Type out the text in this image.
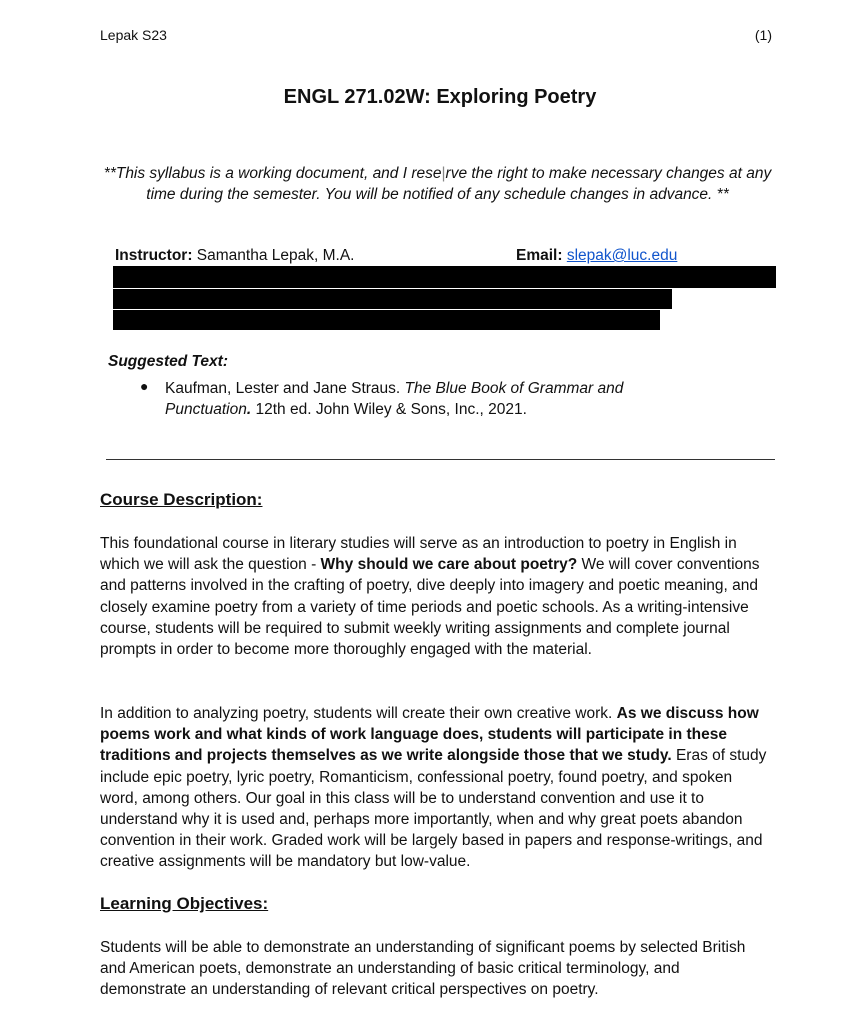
Lepak S23	(1)
ENGL 271.02W: Exploring Poetry
**This syllabus is a working document, and I rese|rve the right to make necessary changes at any time during the semester. You will be notified of any schedule changes in advance. **
Instructor: Samantha Lepak, M.A.	Email: slepak@luc.edu
Suggested Text:
● Kaufman, Lester and Jane Straus. The Blue Book of Grammar and Punctuation. 12th ed. John Wiley & Sons, Inc., 2021.
Course Description:
This foundational course in literary studies will serve as an introduction to poetry in English in which we will ask the question - Why should we care about poetry? We will cover conventions and patterns involved in the crafting of poetry, dive deeply into imagery and poetic meaning, and closely examine poetry from a variety of time periods and poetic schools. As a writing-intensive course, students will be required to submit weekly writing assignments and complete journal prompts in order to become more thoroughly engaged with the material.
In addition to analyzing poetry, students will create their own creative work. As we discuss how poems work and what kinds of work language does, students will participate in these traditions and projects themselves as we write alongside those that we study. Eras of study include epic poetry, lyric poetry, Romanticism, confessional poetry, found poetry, and spoken word, among others. Our goal in this class will be to understand convention and use it to understand why it is used and, perhaps more importantly, when and why great poets abandon convention in their work. Graded work will be largely based in papers and response-writings, and creative assignments will be mandatory but low-value.
Learning Objectives:
Students will be able to demonstrate an understanding of significant poems by selected British and American poets, demonstrate an understanding of basic critical terminology, and demonstrate an understanding of relevant critical perspectives on poetry.
